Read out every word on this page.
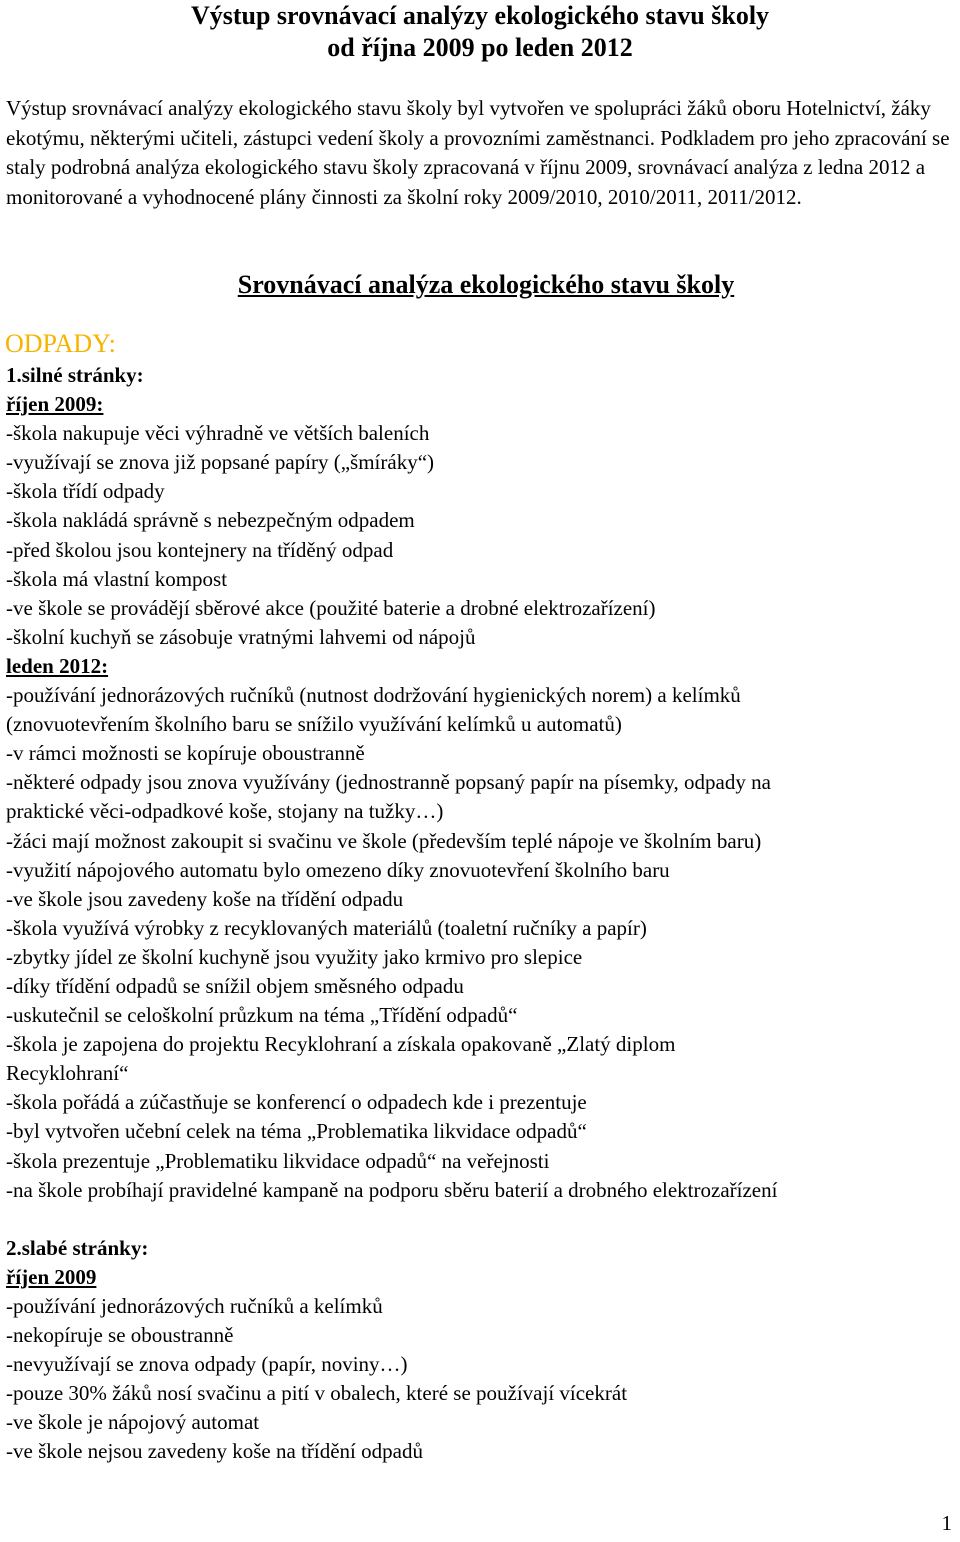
Výstup srovnávací analýzy ekologického stavu školy
od října 2009 po leden 2012

Výstup srovnávací analýzy ekologického stavu školy byl vytvořen ve spolupráci žáků oboru Hotelnictví, žáky ekotýmu, některými učiteli, zástupci vedení školy a provozními zaměstnanci. Podkladem pro jeho zpracování se staly podrobná analýza ekologického stavu školy zpracovaná v říjnu 2009, srovnávací analýza z ledna 2012 a monitorované a vyhodnocené plány činnosti za školní roky 2009/2010, 2010/2011, 2011/2012.

Srovnávací analýza ekologického stavu školy
ODPADY:
1.silné stránky:
říjen 2009:
-škola nakupuje věci výhradně ve větších baleních
-využívají se znova již popsané papíry („šmíráky“)
-škola třídí odpady
-škola nakládá správně s nebezpečným odpadem
-před školou jsou kontejnery na tříděný odpad
-škola má vlastní kompost
-ve škole se provádějí sběrové akce (použité baterie a drobné elektrozařízení)
-školní kuchyň se zásobuje vratnými lahvemi od nápojů
leden 2012:
-používání jednorázových ručníků (nutnost dodržování hygienických norem) a kelímků
(znovuotevřením školního baru se snížilo využívání kelímků u automatů)
-v rámci možnosti se kopíruje oboustranně
-některé odpady jsou znova využívány (jednostranně popsaný papír na písemky, odpady na
praktické věci-odpadkové koše, stojany na tužky…)
-žáci mají možnost zakoupit si svačinu ve škole (především teplé nápoje ve školním baru)
-využití nápojového automatu bylo omezeno díky znovuotevření školního baru
-ve škole jsou zavedeny koše na třídění odpadu
-škola využívá výrobky z recyklovaných materiálů (toaletní ručníky a papír)
-zbytky jídel ze školní kuchyně jsou využity jako krmivo pro slepice
-díky třídění odpadů se snížil objem směsného odpadu
-uskutečnil se celoškolní průzkum na téma „Třídění odpadů“
-škola je zapojena do projektu Recyklohraní a získala opakovaně „Zlatý diplom
Recyklohraní“
-škola pořádá a zúčastňuje se konferencí o odpadech kde i prezentuje
-byl vytvořen učební celek na téma „Problematika likvidace odpadů“
-škola prezentuje „Problematiku likvidace odpadů“ na veřejnosti
-na škole probíhají pravidelné kampaně na podporu sběru baterií a drobného elektrozařízení
2.slabé stránky:
říjen 2009
-používání jednorázových ručníků a kelímků
-nekopíruje se oboustranně
-nevyužívají se znova odpady (papír, noviny…)
-pouze 30% žáků nosí svačinu a pití v obalech, které se používají vícekrát
-ve škole je nápojový automat
-ve škole nejsou zavedeny koše na třídění odpadů
1
